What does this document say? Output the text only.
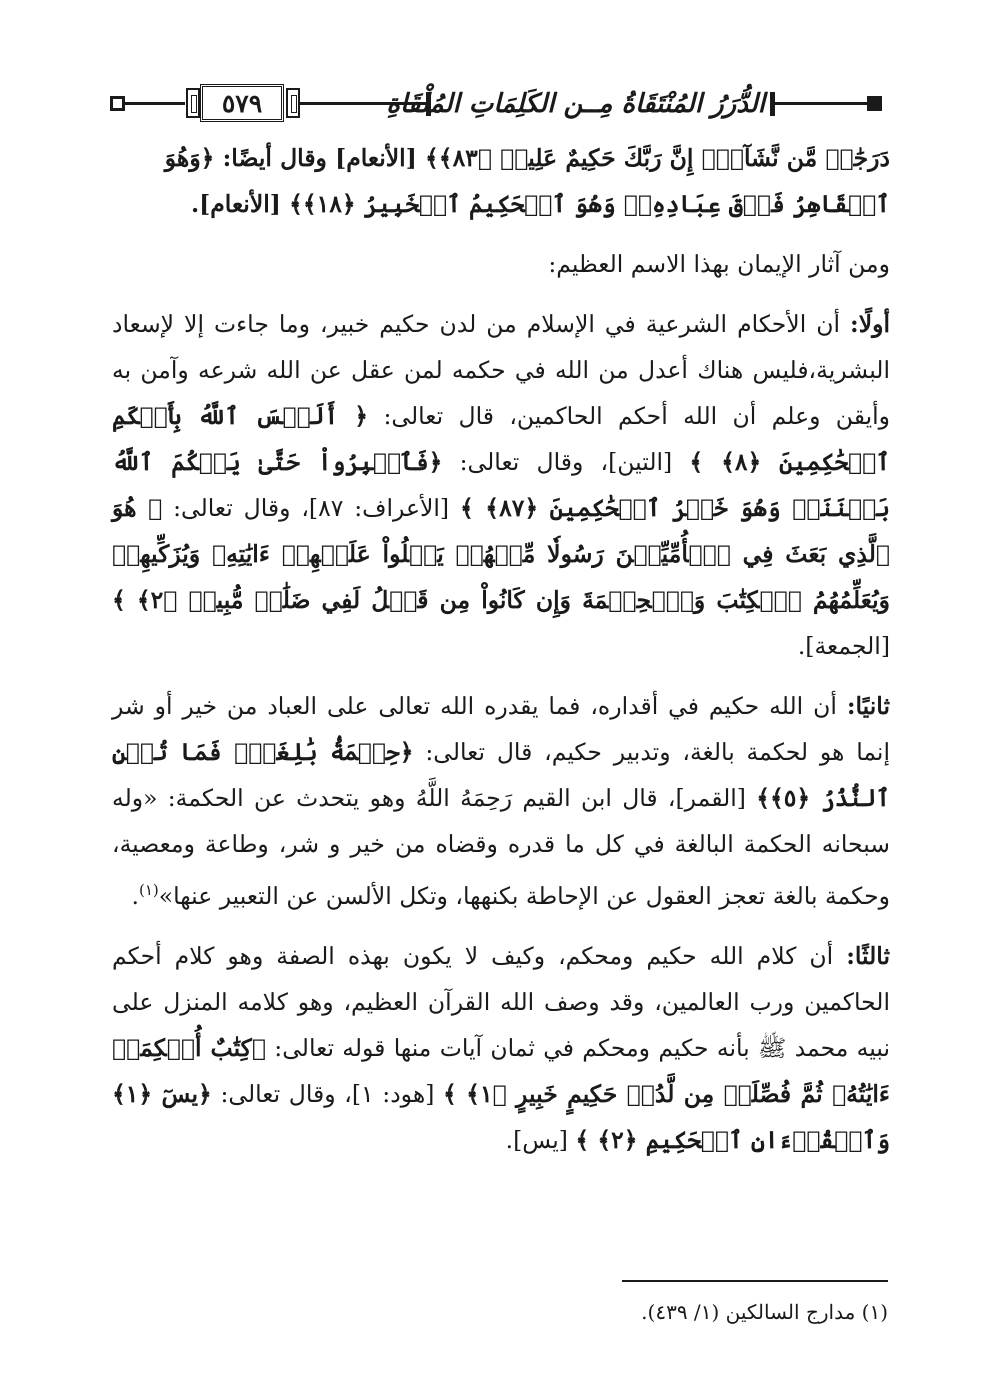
٥٧٩	الدُّرَرُ المُنْتَقَاةُ مِــن الكَلِمَاتِ المُلْقَاةِ

دَرَجَٰتٖ مَّن نَّشَآءُۗ إِنَّ رَبَّكَ حَكِيمٌ عَلِيمٞ ﴿٨٣﴾﴾ [الأنعام] وقال أيضًا: ﴿وَهُوَ
ٱلۡقَاهِرُ فَوۡقَ عِبَادِهِۦۚ وَهُوَ ٱلۡحَكِيمُ ٱلۡخَبِيرُ ﴿١٨﴾﴾ [الأنعام].

ومن آثار الإيمان بهذا الاسم العظيم:

أولًا: أن الأحكام الشرعية في الإسلام من لدن حكيم خبير، وما جاءت إلا لإسعاد البشرية،فليس هناك أعدل من الله في حكمه لمن عقل عن الله شرعه وآمن به وأيقن وعلم أن الله أحكم الحاكمين، قال تعالى: ﴿ أَلَيۡسَ ٱللَّهُ بِأَحۡكَمِ ٱلۡحَٰكِمِينَ ﴿٨﴾ ﴾ [التين]، وقال تعالى: ﴿فَٱصۡبِرُواْ حَتَّىٰ يَحۡكُمَ ٱللَّهُ بَيۡنَنَاۚ وَهُوَ خَيۡرُ ٱلۡحَٰكِمِينَ ﴿٨٧﴾ ﴾ [الأعراف: ٨٧]، وقال تعالى: ﴿ هُوَ ٱلَّذِي بَعَثَ فِي ٱلۡأُمِّيِّـۧنَ رَسُولٗا مِّنۡهُمۡ يَتۡلُواْ عَلَيۡهِمۡ ءَايَٰتِهِۦ وَيُزَكِّيهِمۡ وَيُعَلِّمُهُمُ ٱلۡكِتَٰبَ وَٱلۡحِكۡمَةَ وَإِن كَانُواْ مِن قَبۡلُ لَفِي ضَلَٰلٖ مُّبِينٖ ﴿٢﴾ ﴾ [الجمعة].

ثانيًا: أن الله حكيم في أقداره، فما يقدره الله تعالى على العباد من خير أو شر إنما هو لحكمة بالغة، وتدبير حكيم، قال تعالى: ﴿حِكۡمَةُۢ بَٰلِغَةٞۖ فَمَا تُغۡنِ ٱلنُّذُرُ ﴿٥﴾﴾ [القمر]، قال ابن القيم رَحِمَهُ اللَّهُ وهو يتحدث عن الحكمة: «وله سبحانه الحكمة البالغة في كل ما قدره وقضاه من خير و شر، وطاعة ومعصية، وحكمة بالغة تعجز العقول عن الإحاطة بكنهها، وتكل الألسن عن التعبير عنها»$^{(١)}$.

ثالثًا: أن كلام الله حكيم ومحكم، وكيف لا يكون بهذه الصفة وهو كلام أحكم الحاكمين ورب العالمين، وقد وصف الله القرآن العظيم، وهو كلامه المنزل على نبيه محمد ﷺ بأنه حكيم ومحكم في ثمان آيات منها قوله تعالى: ﴿كِتَٰبٌ أُحۡكِمَتۡ ءَايَٰتُهُۥ ثُمَّ فُصِّلَتۡ مِن لَّدُنۡ حَكِيمٍ خَبِيرٍ ﴿١﴾ ﴾ [هود: ١]، وقال تعالى: ﴿يسٓ ﴿١﴾ وَٱلۡقُرۡءَانِ ٱلۡحَكِيمِ ﴿٢﴾ ﴾ [يس].

(١) مدارج السالكين (١/ ٤٣٩).
